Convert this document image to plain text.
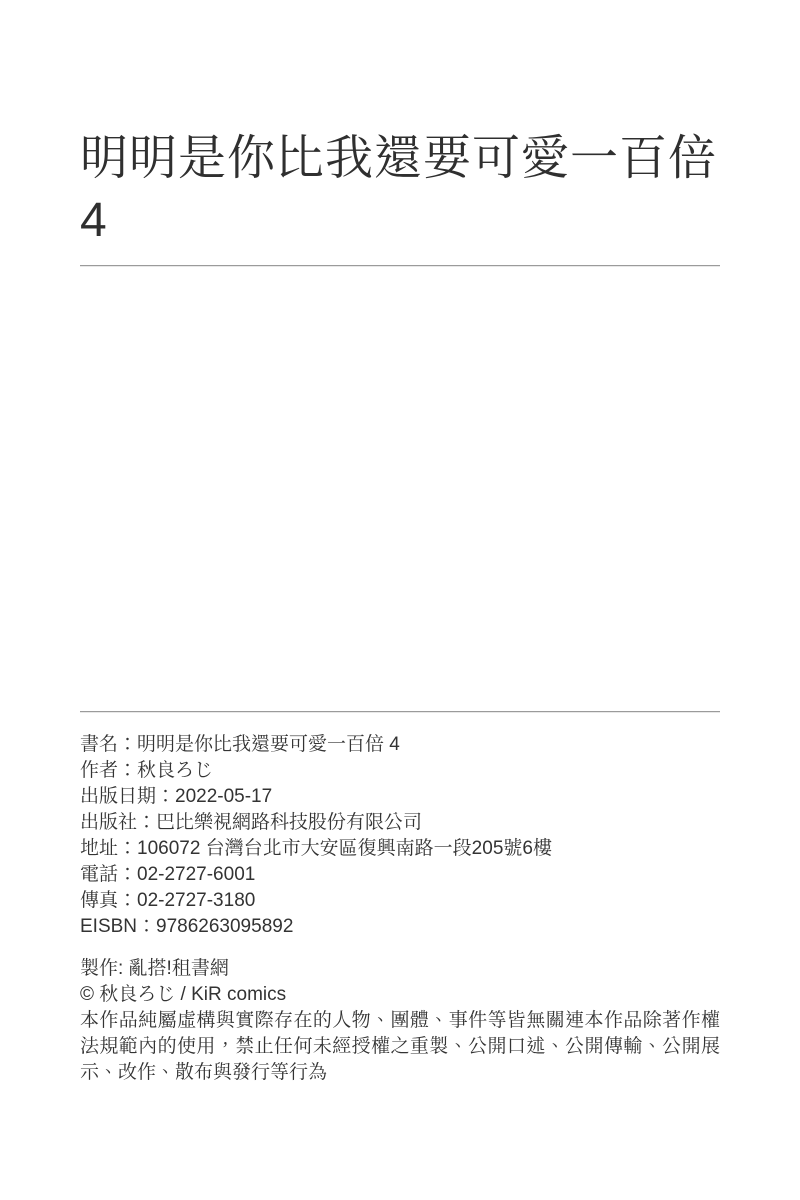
明明是你比我還要可愛一百倍 4
書名：明明是你比我還要可愛一百倍 4
作者：秋良ろじ
出版日期：2022-05-17
出版社：巴比樂視網路科技股份有限公司
地址：106072 台灣台北市大安區復興南路一段205號6樓
電話：02-2727-6001
傳真：02-2727-3180
EISBN：9786263095892
製作: 亂搭!租書網
© 秋良ろじ / KiR comics

本作品純屬虛構與實際存在的人物、團體、事件等皆無關連本作品除著作權法規範內的使用，禁止任何未經授權之重製、公開口述、公開傳輸、公開展示、改作、散布與發行等行為
